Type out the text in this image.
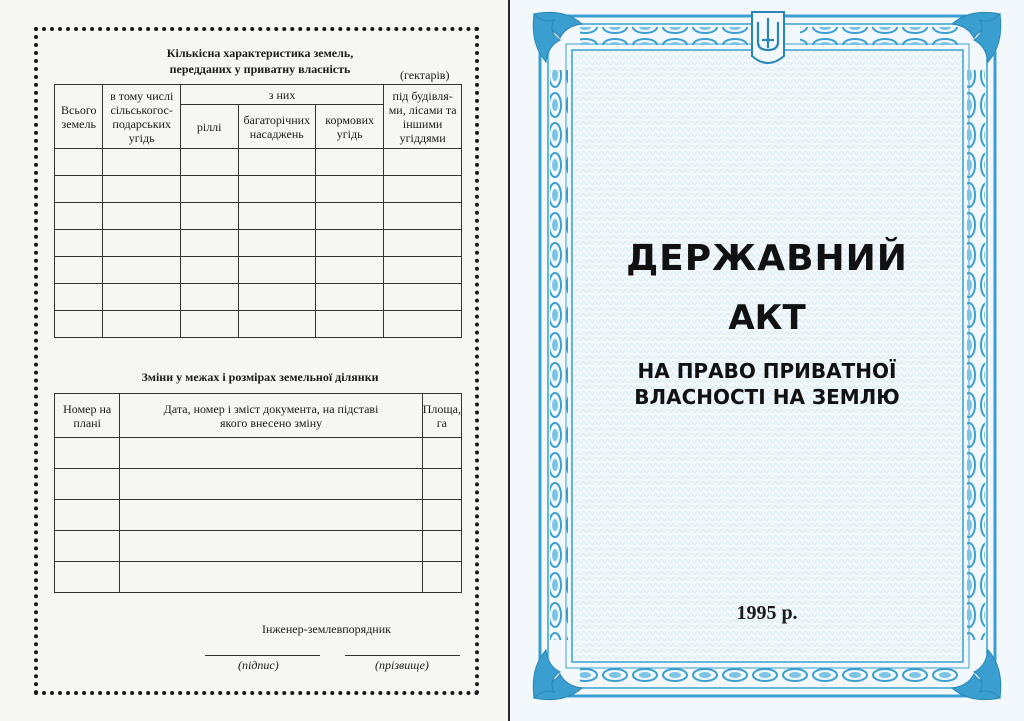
Кількісна характеристика земель,
передданих у приватну власність	(гектарів)
Всього земель	в тому числі сільськогос-подарських угідь	з них			під будівля-ми, лісами та іншими угіддями
		ріллі	багаторічних насаджень	кормових угідь	

Зміни у межах і розмірах земельної ділянки
Номер на плані	Дата, номер і зміст документа, на підставі якого внесено зміну	Площа, га

Інженер-землевпорядник
(підпис)	(прізвище)
ДЕРЖАВНИЙ
АКТ
НА ПРАВО ПРИВАТНОЇ
ВЛАСНОСТІ НА ЗЕМЛЮ
1995 р.
